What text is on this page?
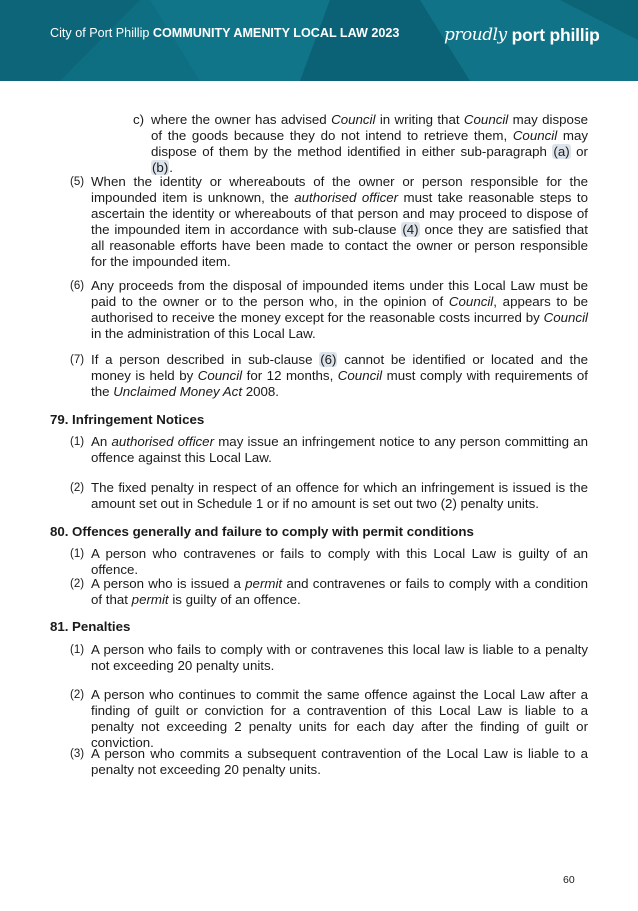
City of Port Phillip COMMUNITY AMENITY LOCAL LAW 2023	proudly port phillip
c) where the owner has advised Council in writing that Council may dispose of the goods because they do not intend to retrieve them, Council may dispose of them by the method identified in either sub-paragraph (a) or (b).

(5) When the identity or whereabouts of the owner or person responsible for the impounded item is unknown, the authorised officer must take reasonable steps to ascertain the identity or whereabouts of that person and may proceed to dispose of the impounded item in accordance with sub-clause (4) once they are satisfied that all reasonable efforts have been made to contact the owner or person responsible for the impounded item.

(6) Any proceeds from the disposal of impounded items under this Local Law must be paid to the owner or to the person who, in the opinion of Council, appears to be authorised to receive the money except for the reasonable costs incurred by Council in the administration of this Local Law.

(7) If a person described in sub-clause (6) cannot be identified or located and the money is held by Council for 12 months, Council must comply with requirements of the Unclaimed Money Act 2008.

79. Infringement Notices
(1) An authorised officer may issue an infringement notice to any person committing an offence against this Local Law.

(2) The fixed penalty in respect of an offence for which an infringement is issued is the amount set out in Schedule 1 or if no amount is set out two (2) penalty units.

80. Offences generally and failure to comply with permit conditions
(1) A person who contravenes or fails to comply with this Local Law is guilty of an offence.

(2) A person who is issued a permit and contravenes or fails to comply with a condition of that permit is guilty of an offence.

81. Penalties
(1) A person who fails to comply with or contravenes this local law is liable to a penalty not exceeding 20 penalty units.

(2) A person who continues to commit the same offence against the Local Law after a finding of guilt or conviction for a contravention of this Local Law is liable to a penalty not exceeding 2 penalty units for each day after the finding of guilt or conviction.

(3) A person who commits a subsequent contravention of the Local Law is liable to a penalty not exceeding 20 penalty units.

60
